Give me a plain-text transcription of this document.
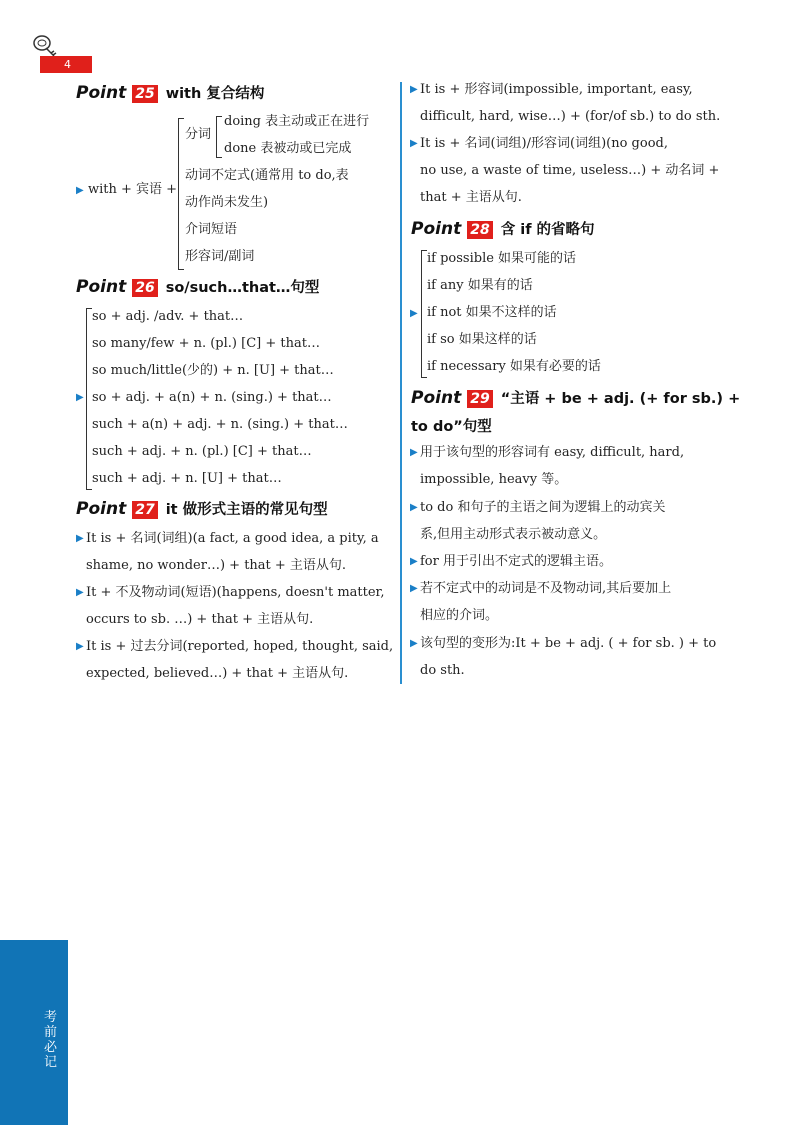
4
Point 25 with 复合结构
▶ with + 宾语 +
分词
doing 表主动或正在进行
done 表被动或已完成
动词不定式(通常用 to do,表
动作尚未发生)
介词短语
形容词/副词
Point 26 so/such…that…句型
▶
so + adj. /adv. + that…
so many/few + n. (pl.) [C] + that…
so much/little(少的) + n. [U] + that…
so + adj. + a(n) + n. (sing.) + that…
such + a(n) + adj. + n. (sing.) + that…
such + adj. + n. (pl.) [C] + that…
such + adj. + n. [U] + that…
Point 27 it 做形式主语的常见句型
▶ It is + 名词(词组)(a fact, a good idea, a pity, a
shame, no wonder…) + that + 主语从句.
▶ It + 不及物动词(短语)(happens, doesn't matter,
occurs to sb. …) + that + 主语从句.
▶ It is + 过去分词(reported, hoped, thought, said,
expected, believed…) + that + 主语从句.
▶ It is + 形容词(impossible, important, easy,
difficult, hard, wise…) + (for/of sb.) to do sth.
▶ It is + 名词(词组)/形容词(词组)(no good,
no use, a waste of time, useless…) + 动名词 +
that + 主语从句.
Point 28 含 if 的省略句
▶
if possible 如果可能的话
if any 如果有的话
if not 如果不这样的话
if so 如果这样的话
if necessary 如果有必要的话
Point 29 “主语 + be + adj. (+ for sb.) +
to do”句型
▶ 用于该句型的形容词有 easy, difficult, hard,
impossible, heavy 等。
▶ to do 和句子的主语之间为逻辑上的动宾关
系,但用主动形式表示被动意义。
▶ for 用于引出不定式的逻辑主语。
▶ 若不定式中的动词是不及物动词,其后要加上
相应的介词。
▶ 该句型的变形为:It + be + adj. ( + for sb. ) + to
do sth.
考前必记
